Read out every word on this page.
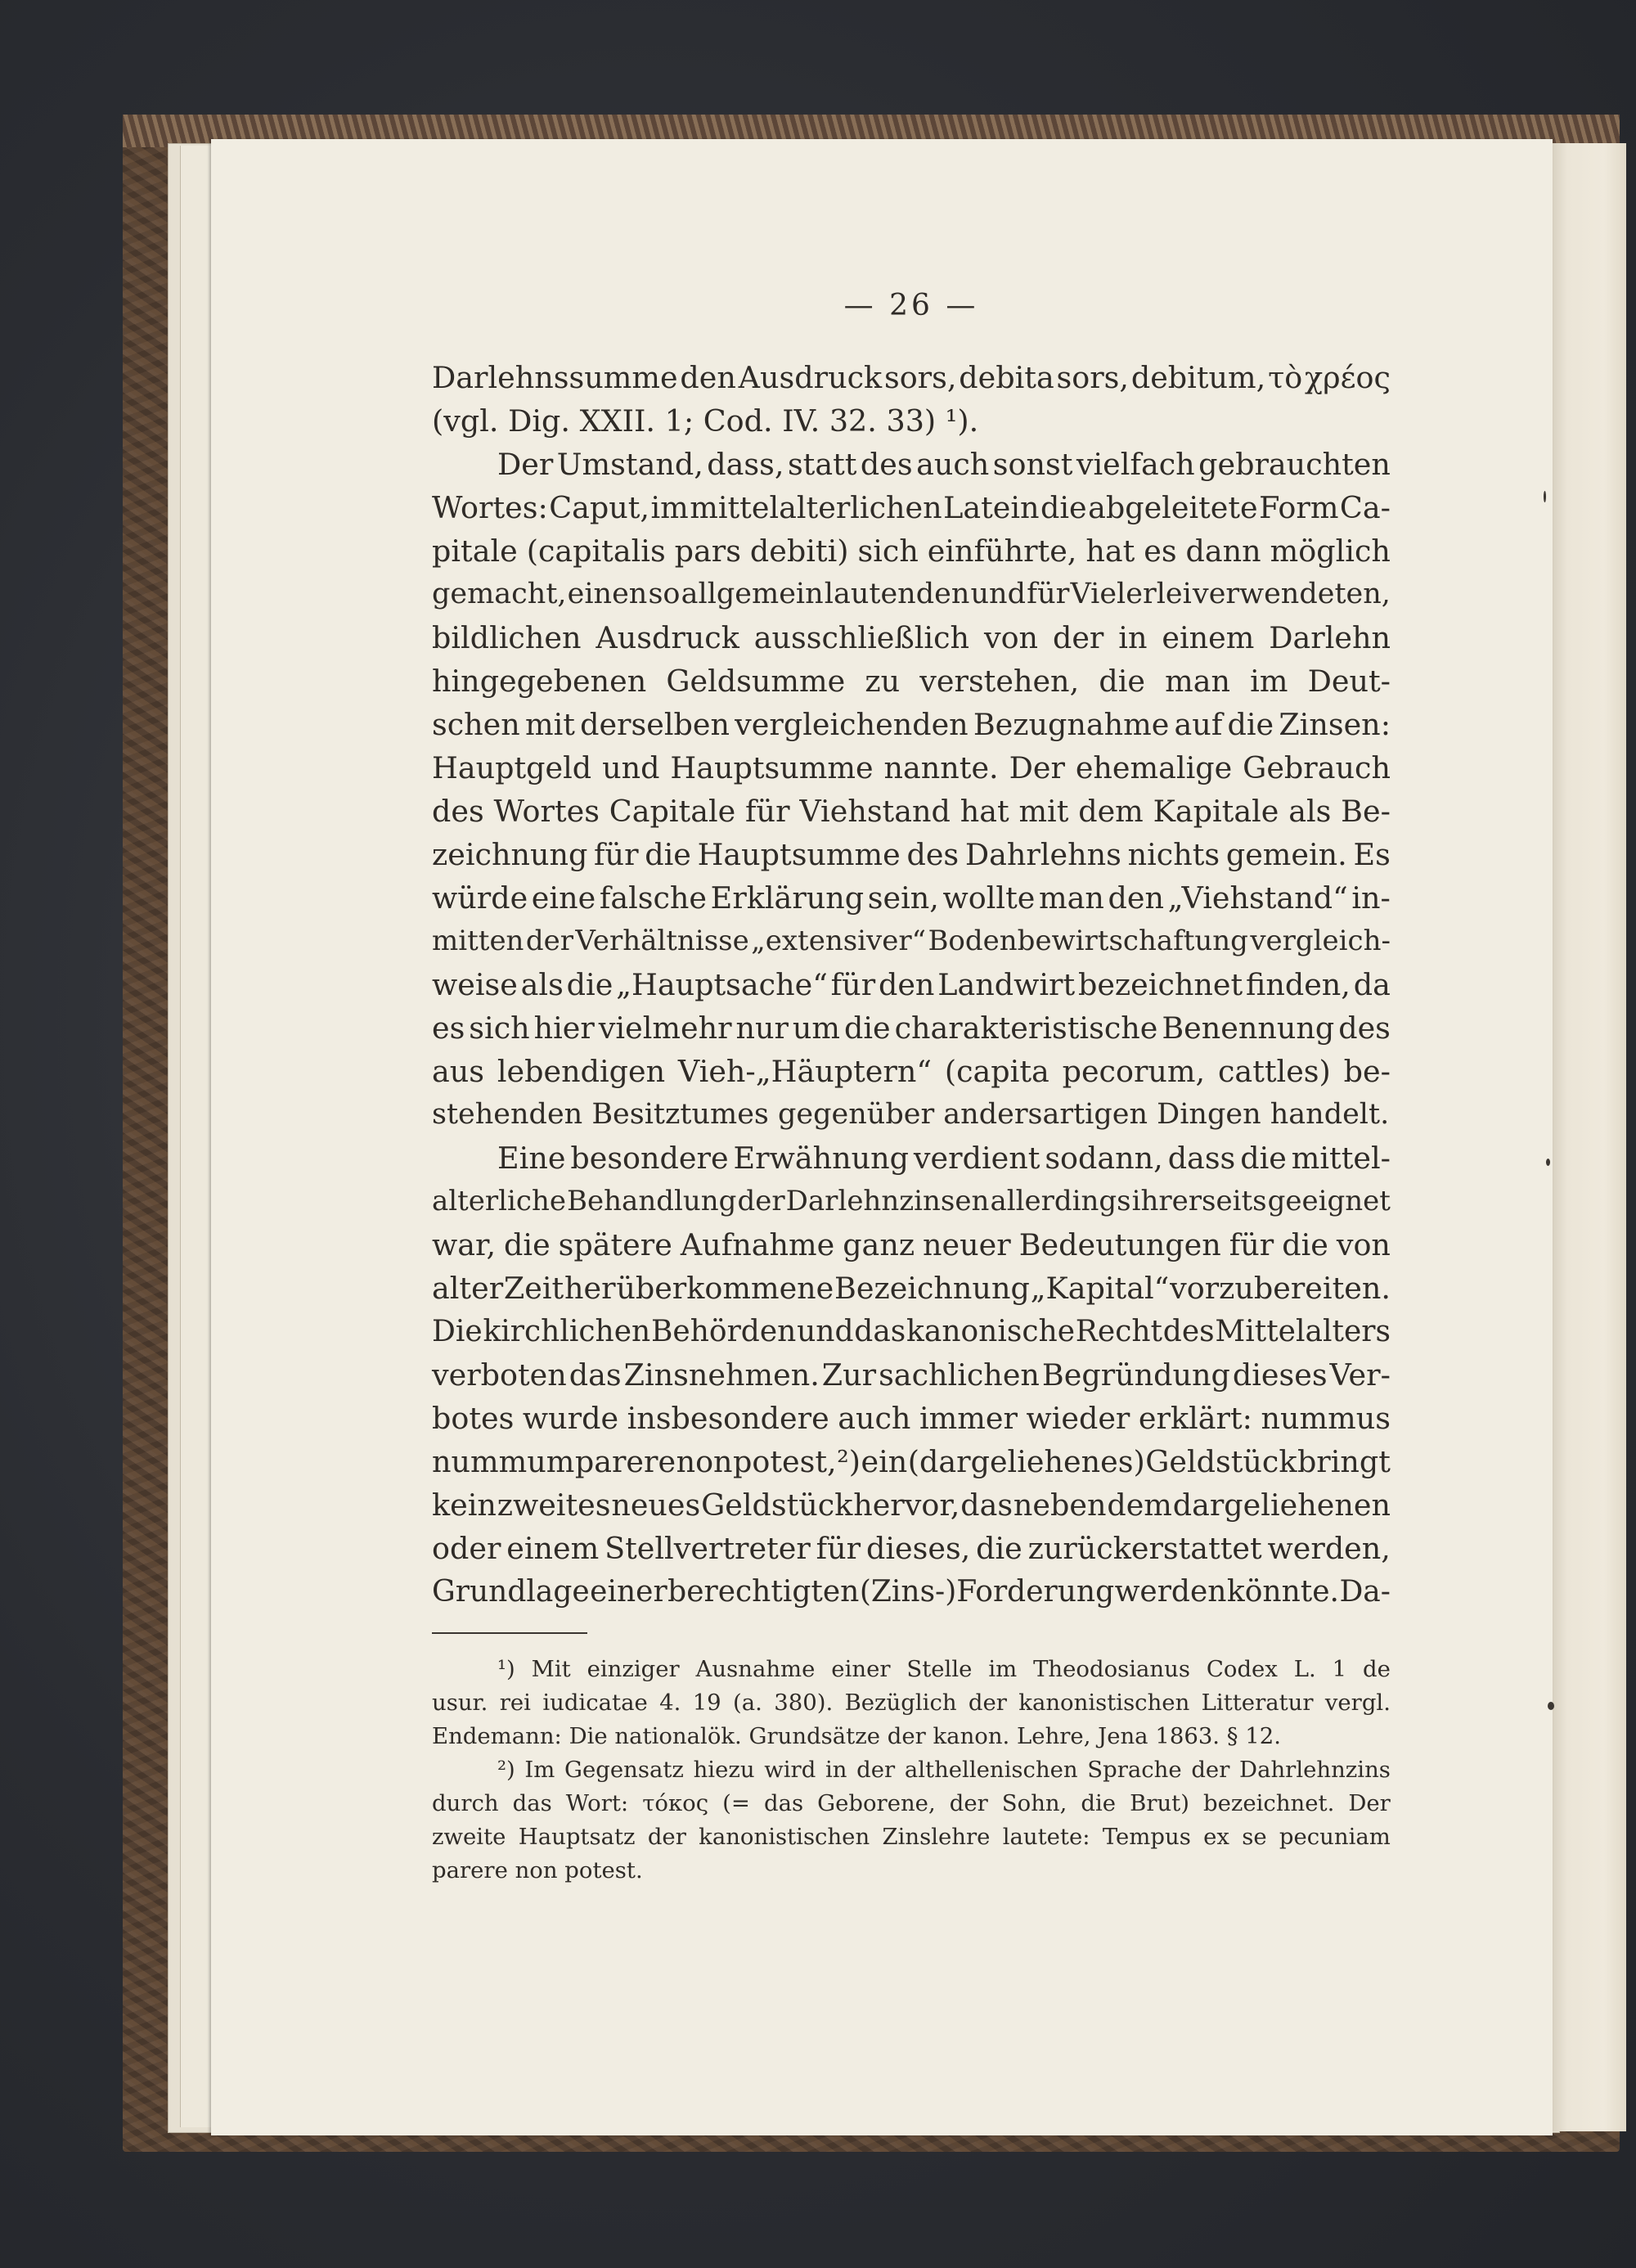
— 26 —
Darlehnssumme den Ausdruck sors, debita sors, debitum, τὸ χρέος
(vgl. Dig. XXII. 1; Cod. IV. 32. 33) ¹).
Der Umstand, dass, statt des auch sonst vielfach gebrauchten
Wortes: Caput, im mittelalterlichen Latein die abgeleitete Form Ca-
pitale (capitalis pars debiti) sich einführte, hat es dann möglich
gemacht, einen so allgemein lautenden und für Vielerlei verwendeten,
bildlichen Ausdruck ausschließlich von der in einem Darlehn
hingegebenen Geldsumme zu verstehen, die man im Deut-
schen mit derselben vergleichenden Bezugnahme auf die Zinsen:
Hauptgeld und Hauptsumme nannte. Der ehemalige Gebrauch
des Wortes Capitale für Viehstand hat mit dem Kapitale als Be-
zeichnung für die Hauptsumme des Dahrlehns nichts gemein. Es
würde eine falsche Erklärung sein, wollte man den „Viehstand“ in-
mitten der Verhältnisse „extensiver“ Bodenbewirtschaftung vergleich-
weise als die „Hauptsache“ für den Landwirt bezeichnet finden, da
es sich hier vielmehr nur um die charakteristische Benennung des
aus lebendigen Vieh-„Häuptern“ (capita pecorum, cattles) be-
stehenden Besitztumes gegenüber andersartigen Dingen handelt.
Eine besondere Erwähnung verdient sodann, dass die mittel-
alterliche Behandlung der Darlehnzinsen allerdings ihrerseits geeignet
war, die spätere Aufnahme ganz neuer Bedeutungen für die von
alter Zeit her überkommene Bezeichnung „Kapital“ vorzubereiten.
Die kirchlichen Behörden und das kanonische Recht des Mittelalters
verboten das Zinsnehmen. Zur sachlichen Begründung dieses Ver-
botes wurde insbesondere auch immer wieder erklärt: nummus
nummum parere non potest, ²) ein (dargeliehenes) Geldstück bringt
kein zweites neues Geldstück hervor, das neben dem dargeliehenen
oder einem Stellvertreter für dieses, die zurückerstattet werden,
Grundlage einer berechtigten (Zins-)Forderung werden könnte. Da-
¹) Mit einziger Ausnahme einer Stelle im Theodosianus Codex L. 1 de
usur. rei iudicatae 4. 19 (a. 380). Bezüglich der kanonistischen Litteratur vergl.
Endemann: Die nationalök. Grundsätze der kanon. Lehre, Jena 1863. § 12.
²) Im Gegensatz hiezu wird in der althellenischen Sprache der Dahrlehnzins
durch das Wort: τόκος (= das Geborene, der Sohn, die Brut) bezeichnet. Der
zweite Hauptsatz der kanonistischen Zinslehre lautete: Tempus ex se pecuniam
parere non potest.
